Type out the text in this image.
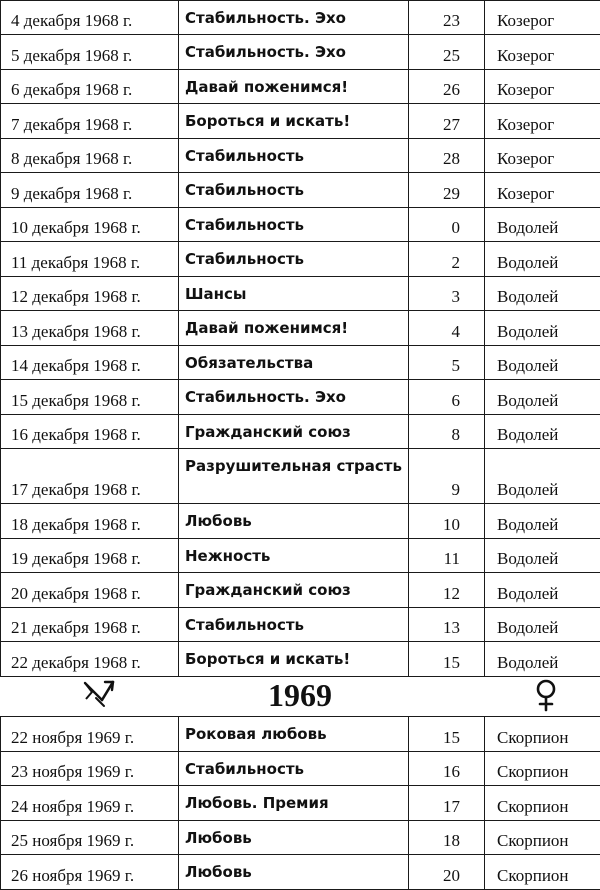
4 декабря 1968 г.	Стабильность. Эхо	23	Козерог
5 декабря 1968 г.	Стабильность. Эхо	25	Козерог
6 декабря 1968 г.	Давай поженимся!	26	Козерог
7 декабря 1968 г.	Бороться и искать!	27	Козерог
8 декабря 1968 г.	Стабильность	28	Козерог
9 декабря 1968 г.	Стабильность	29	Козерог
10 декабря 1968 г.	Стабильность	0	Водолей
11 декабря 1968 г.	Стабильность	2	Водолей
12 декабря 1968 г.	Шансы	3	Водолей
13 декабря 1968 г.	Давай поженимся!	4	Водолей
14 декабря 1968 г.	Обязательства	5	Водолей
15 декабря 1968 г.	Стабильность. Эхо	6	Водолей
16 декабря 1968 г.	Гражданский союз	8	Водолей
17 декабря 1968 г.	Разрушительная страсть	9	Водолей
18 декабря 1968 г.	Любовь	10	Водолей
19 декабря 1968 г.	Нежность	11	Водолей
20 декабря 1968 г.	Гражданский союз	12	Водолей
21 декабря 1968 г.	Стабильность	13	Водолей
22 декабря 1968 г.	Бороться и искать!	15	Водолей
1969
22 ноября 1969 г.	Роковая любовь	15	Скорпион
23 ноября 1969 г.	Стабильность	16	Скорпион
24 ноября 1969 г.	Любовь. Премия	17	Скорпион
25 ноября 1969 г.	Любовь	18	Скорпион
26 ноября 1969 г.	Любовь	20	Скорпион
